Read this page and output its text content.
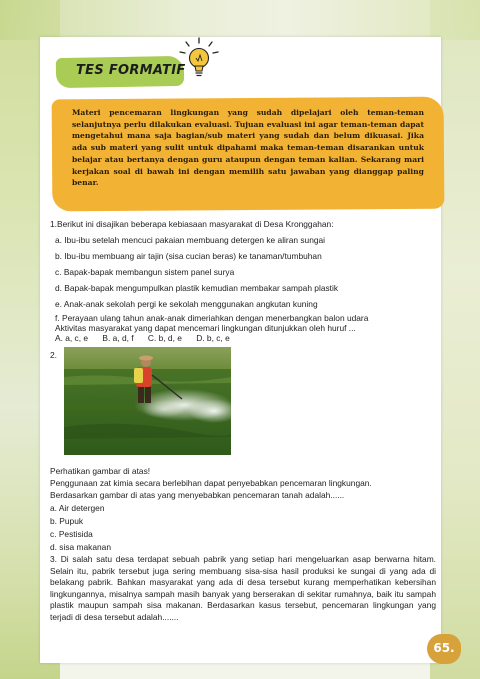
TES FORMATIF
Materi pencemaran lingkungan yang sudah dipelajari oleh teman-teman selanjutnya perlu dilakukan evaluasi. Tujuan evaluasi ini agar teman-teman dapat mengetahui mana saja bagian/sub materi yang sudah dan belum dikuasai. Jika ada sub materi yang sulit untuk dipahami maka teman-teman disarankan untuk belajar atau bertanya dengan guru ataupun dengan teman kalian. Sekarang mari kerjakan soal di bawah ini dengan memilih satu jawaban yang dianggap paling benar.
1.Berikut ini disajikan beberapa kebiasaan masyarakat di Desa Kronggahan:
a. Ibu-ibu setelah mencuci pakaian membuang detergen ke aliran sungai
b. Ibu-ibu membuang air tajin (sisa cucian beras) ke tanaman/tumbuhan
c. Bapak-bapak membangun sistem panel surya
d. Bapak-bapak mengumpulkan plastik kemudian membakar sampah plastik
e. Anak-anak sekolah pergi ke sekolah menggunakan angkutan kuning
f. Perayaan ulang tahun anak-anak dimeriahkan dengan menerbangkan balon udara
Aktivitas masyarakat yang dapat mencemari lingkungan ditunjukkan oleh huruf ...
A. a, c, e B. a, d, f C. b, d, e D. b, c, e
2.
Perhatikan gambar di atas!
Penggunaan zat kimia secara berlebihan dapat penyebabkan pencemaran lingkungan.
Berdasarkan gambar di atas yang menyebabkan pencemaran tanah adalah......
a. Air detergen
b. Pupuk
c. Pestisida
d. sisa makanan
3. Di salah satu desa terdapat sebuah pabrik yang setiap hari mengeluarkan asap berwarna hitam. Selain itu, pabrik tersebut juga sering membuang sisa-sisa hasil produksi ke sungai di yang ada di belakang pabrik. Bahkan masyarakat yang ada di desa tersebut kurang memperhatikan kebersihan lingkungannya, misalnya sampah masih banyak yang berserakan di sekitar rumahnya, baik itu sampah plastik maupun sampah sisa makanan. Berdasarkan kasus tersebut, pencemaran lingkungan yang terjadi di desa tersebut adalah.......
65.
